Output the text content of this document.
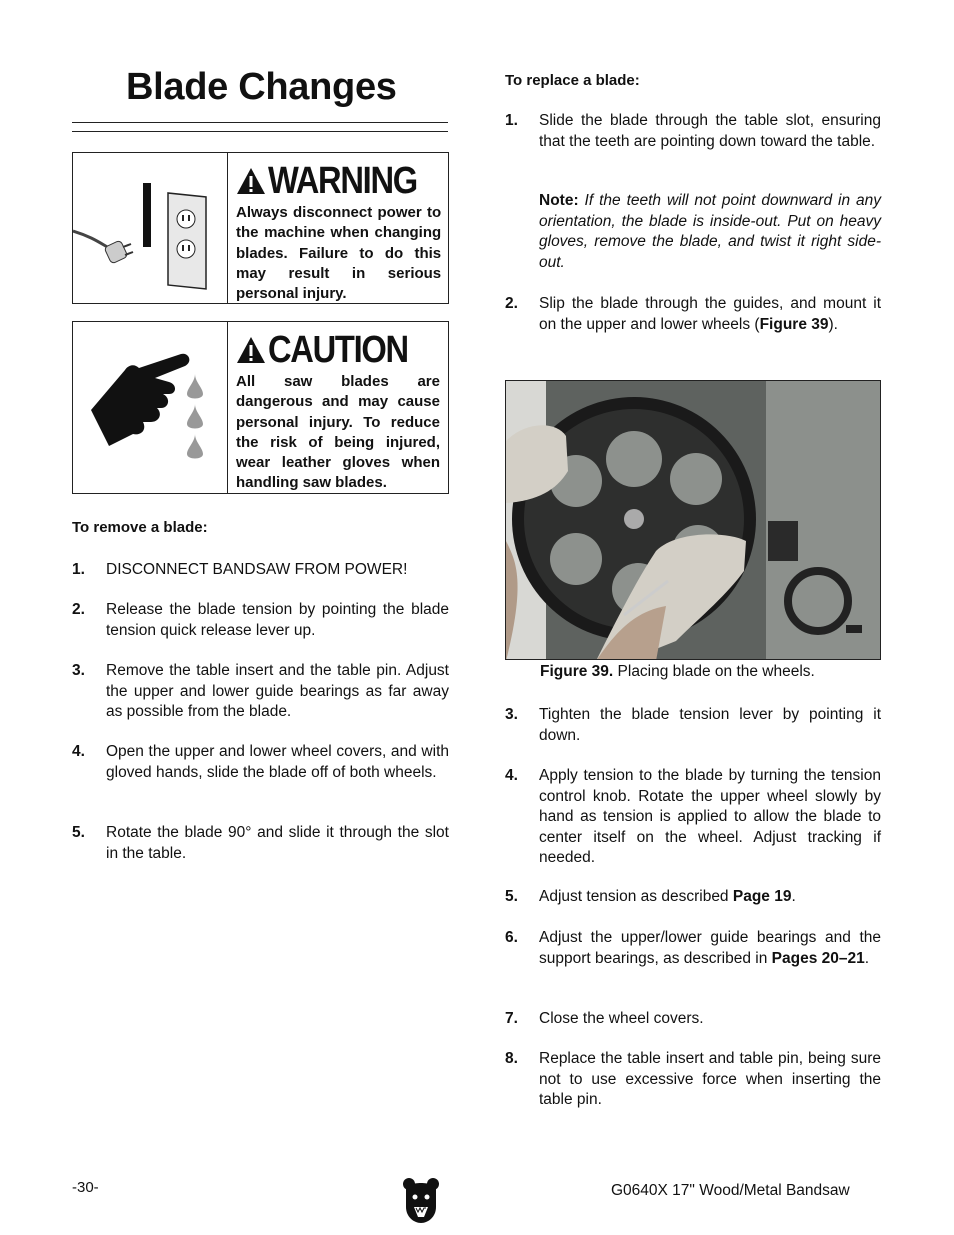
Blade Changes
WARNING
Always disconnect power to the machine when changing blades. Failure to do this may result in serious personal injury.
CAUTION
All saw blades are dangerous and may cause personal injury. To reduce the risk of being injured, wear leather gloves when handling saw blades.
To remove a blade:
1.	DISCONNECT BANDSAW FROM POWER!
2.	Release the blade tension by pointing the blade tension quick release lever up.
3.	Remove the table insert and the table pin. Adjust the upper and lower guide bearings as far away as possible from the blade.
4.	Open the upper and lower wheel covers, and with gloved hands, slide the blade off of both wheels.
5.	Rotate the blade 90° and slide it through the slot in the table.
To replace a blade:
1.	Slide the blade through the table slot, ensuring that the teeth are pointing down toward the table.
Note: If the teeth will not point downward in any orientation, the blade is inside-out. Put on heavy gloves, remove the blade, and twist it right side-out.
2.	Slip the blade through the guides, and mount it on the upper and lower wheels (Figure 39).
Figure 39. Placing blade on the wheels.
3.	Tighten the blade tension lever by pointing it down.
4.	Apply tension to the blade by turning the tension control knob. Rotate the upper wheel slowly by hand as tension is applied to allow the blade to center itself on the wheel. Adjust tracking if needed.
5.	Adjust tension as described Page 19.
6.	Adjust the upper/lower guide bearings and the support bearings, as described in Pages 20–21.
7.	Close the wheel covers.
8.	Replace the table insert and table pin, being sure not to use excessive force when inserting the table pin.
-30-	G0640X 17" Wood/Metal Bandsaw
